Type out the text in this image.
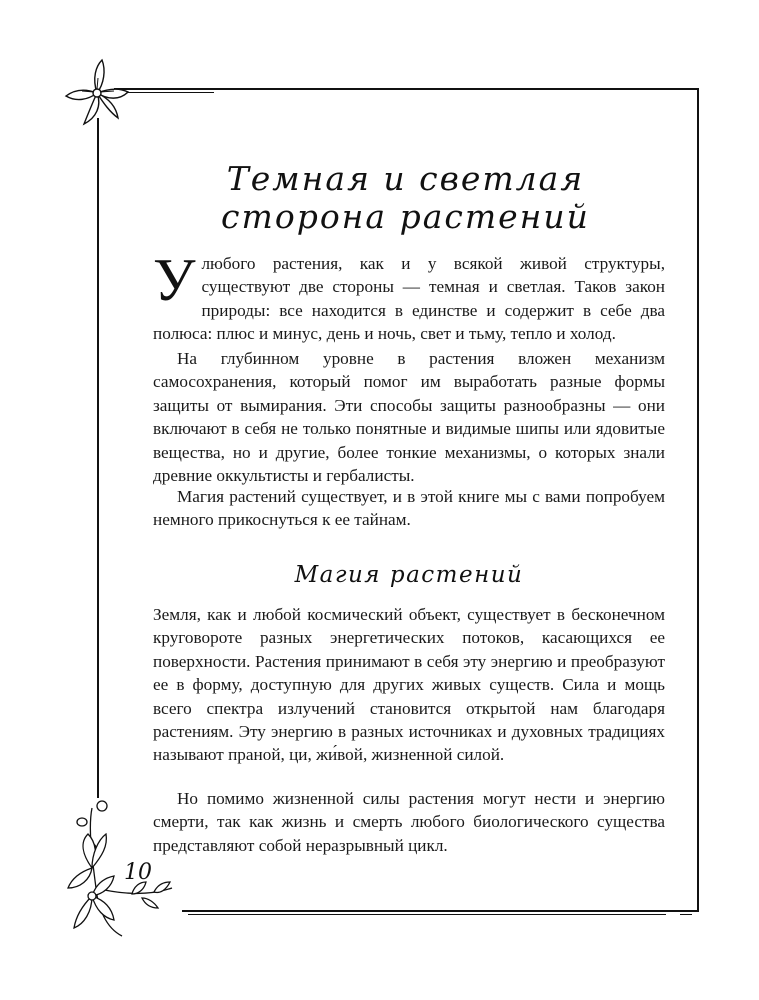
Темная и светлая
сторона растений
Улюбого растения, как и у всякой живой структуры, существуют две стороны — темная и светлая. Таков закон природы: все находится в единстве и содержит в себе два полюса: плюс и минус, день и ночь, свет и тьму, тепло и холод.
На глубинном уровне в растения вложен механизм самосохранения, который помог им выработать разные формы защиты от вымирания. Эти способы защиты разнообразны — они включают в себя не только понятные и видимые шипы или ядовитые вещества, но и другие, более тонкие механизмы, о которых знали древние оккультисты и гербалисты.
Магия растений существует, и в этой книге мы с вами попробуем немного прикоснуться к ее тайнам.
Магия растений
Земля, как и любой космический объект, существует в бесконечном круговороте разных энергетических потоков, касающихся ее поверхности. Растения принимают в себя эту энергию и преобразуют ее в форму, доступную для других живых существ. Сила и мощь всего спектра излучений становится открытой нам благодаря растениям. Эту энергию в разных источниках и духовных традициях называют праной, ци, жи́вой, жизненной силой.
Но помимо жизненной силы растения могут нести и энергию смерти, так как жизнь и смерть любого биологического существа представляют собой неразрывный цикл.
10
